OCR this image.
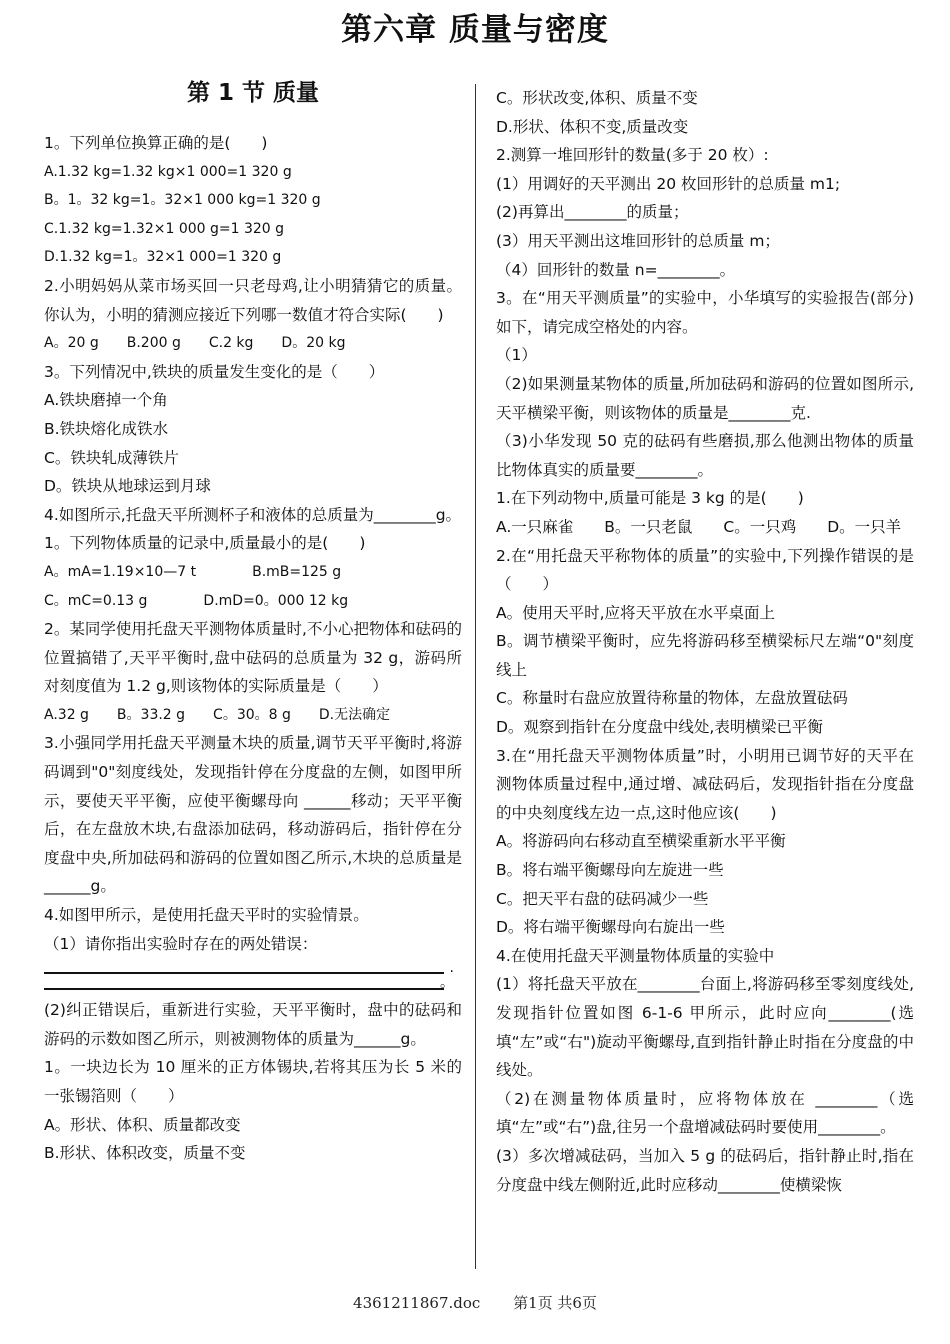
第六章 质量与密度
第 1 节 质量

1。下列单位换算正确的是(　　)

A.1.32 kg=1.32 kg×1 000=1 320 g

B。1。32 kg=1。32×1 000 kg=1 320 g

C.1.32 kg=1.32×1 000 g=1 320 g

D.1.32 kg=1。32×1 000=1 320 g

2.小明妈妈从菜市场买回一只老母鸡,让小明猜猜它的质量。你认为，小明的猜测应接近下列哪一数值才符合实际(　　)

A。20 g　　B.200 g　　C.2 kg　　D。20 kg

3。下列情况中,铁块的质量发生变化的是（　　）

A.铁块磨掉一个角

B.铁块熔化成铁水

C。铁块轧成薄铁片

D。铁块从地球运到月球

4.如图所示,托盘天平所测杯子和液体的总质量为________g。

1。下列物体质量的记录中,质量最小的是(　　)

A。mA=1.19×10—7 t　　　　B.mB=125 g

C。mC=0.13 g　　　　D.mD=0。000 12 kg

2。某同学使用托盘天平测物体质量时,不小心把物体和砝码的位置搞错了,天平平衡时,盘中砝码的总质量为 32 g，游码所对刻度值为 1.2 g,则该物体的实际质量是（　　）

A.32 g　　B。33.2 g　　C。30。8 g　　D.无法确定

3.小强同学用托盘天平测量木块的质量,调节天平平衡时,将游码调到"0"刻度线处，发现指针停在分度盘的左侧，如图甲所示，要使天平平衡，应使平衡螺母向 ______移动；天平平衡后，在左盘放木块,右盘添加砝码，移动游码后，指针停在分度盘中央,所加砝码和游码的位置如图乙所示,木块的总质量是______g。

4.如图甲所示，是使用托盘天平时的实验情景。

（1）请你指出实验时存在的两处错误：

.
。

(2)纠正错误后，重新进行实验，天平平衡时，盘中的砝码和游码的示数如图乙所示，则被测物体的质量为______g。

1。一块边长为 10 厘米的正方体锡块,若将其压为长 5 米的一张锡箔则（　　）

A。形状、体积、质量都改变

B.形状、体积改变，质量不变

C。形状改变,体积、质量不变

D.形状、体积不变,质量改变

2.测算一堆回形针的数量(多于 20 枚）:

(1）用调好的天平测出 20 枚回形针的总质量 m1;

(2)再算出________的质量；

(3）用天平测出这堆回形针的总质量 m；

（4）回形针的数量 n=________。

3。在“用天平测质量”的实验中，小华填写的实验报告(部分)如下，请完成空格处的内容。

（1）

（2)如果测量某物体的质量,所加砝码和游码的位置如图所示,天平横梁平衡，则该物体的质量是________克.

（3)小华发现 50 克的砝码有些磨损,那么他测出物体的质量比物体真实的质量要________。

1.在下列动物中,质量可能是 3 kg 的是(　　)

A.一只麻雀　　B。一只老鼠　　C。一只鸡　　D。一只羊

2.在“用托盘天平称物体的质量”的实验中,下列操作错误的是（　　）

A。使用天平时,应将天平放在水平桌面上

B。调节横梁平衡时，应先将游码移至横梁标尺左端“0"刻度线上

C。称量时右盘应放置待称量的物体，左盘放置砝码

D。观察到指针在分度盘中线处,表明横梁已平衡

3.在“用托盘天平测物体质量”时，小明用已调节好的天平在测物体质量过程中,通过增、减砝码后，发现指针指在分度盘的中央刻度线左边一点,这时他应该(　　)

A。将游码向右移动直至横梁重新水平平衡

B。将右端平衡螺母向左旋进一些

C。把天平右盘的砝码减少一些

D。将右端平衡螺母向右旋出一些

4.在使用托盘天平测量物体质量的实验中

(1）将托盘天平放在________台面上,将游码移至零刻度线处,发现指针位置如图 6-1-6 甲所示，此时应向________(选填“左”或“右")旋动平衡螺母,直到指针静止时指在分度盘的中线处。

（2)在测量物体质量时，应将物体放在 ________（选填“左”或“右”)盘,往另一个盘增减砝码时要使用________。

(3）多次增减砝码，当加入 5 g 的砝码后，指针静止时,指在分度盘中线左侧附近,此时应移动________使横梁恢

4361211867.doc 第1页 共6页
